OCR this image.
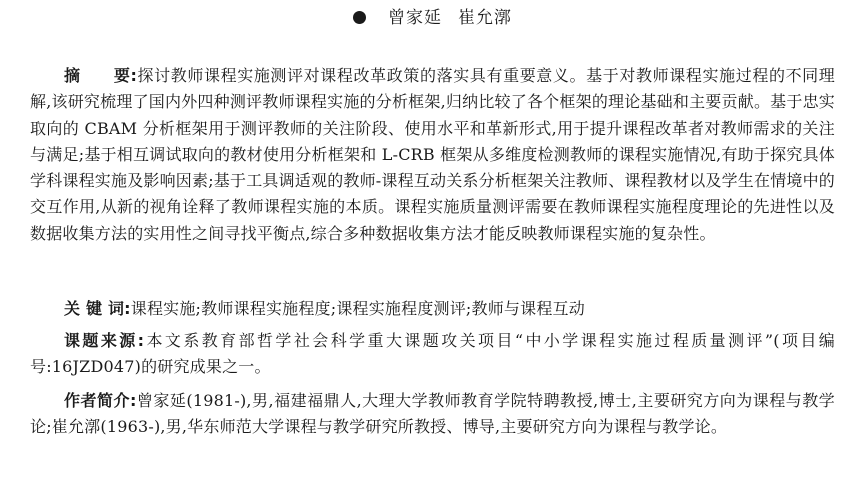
曾家延 崔允漷
摘　　要:探讨教师课程实施测评对课程改革政策的落实具有重要意义。基于对教师课程实施过程的不同理解,该研究梳理了国内外四种测评教师课程实施的分析框架,归纳比较了各个框架的理论基础和主要贡献。基于忠实取向的 CBAM 分析框架用于测评教师的关注阶段、使用水平和革新形式,用于提升课程改革者对教师需求的关注与满足;基于相互调试取向的教材使用分析框架和 L-CRB 框架从多维度检测教师的课程实施情况,有助于探究具体学科课程实施及影响因素;基于工具调适观的教师-课程互动关系分析框架关注教师、课程教材以及学生在情境中的交互作用,从新的视角诠释了教师课程实施的本质。课程实施质量测评需要在教师课程实施程度理论的先进性以及数据收集方法的实用性之间寻找平衡点,综合多种数据收集方法才能反映教师课程实施的复杂性。
关 键 词:课程实施;教师课程实施程度;课程实施程度测评;教师与课程互动
课题来源:本文系教育部哲学社会科学重大课题攻关项目“中小学课程实施过程质量测评”(项目编号:16JZD047)的研究成果之一。
作者简介:曾家延(1981-),男,福建福鼎人,大理大学教师教育学院特聘教授,博士,主要研究方向为课程与教学论;崔允漷(1963-),男,华东师范大学课程与教学研究所教授、博导,主要研究方向为课程与教学论。
